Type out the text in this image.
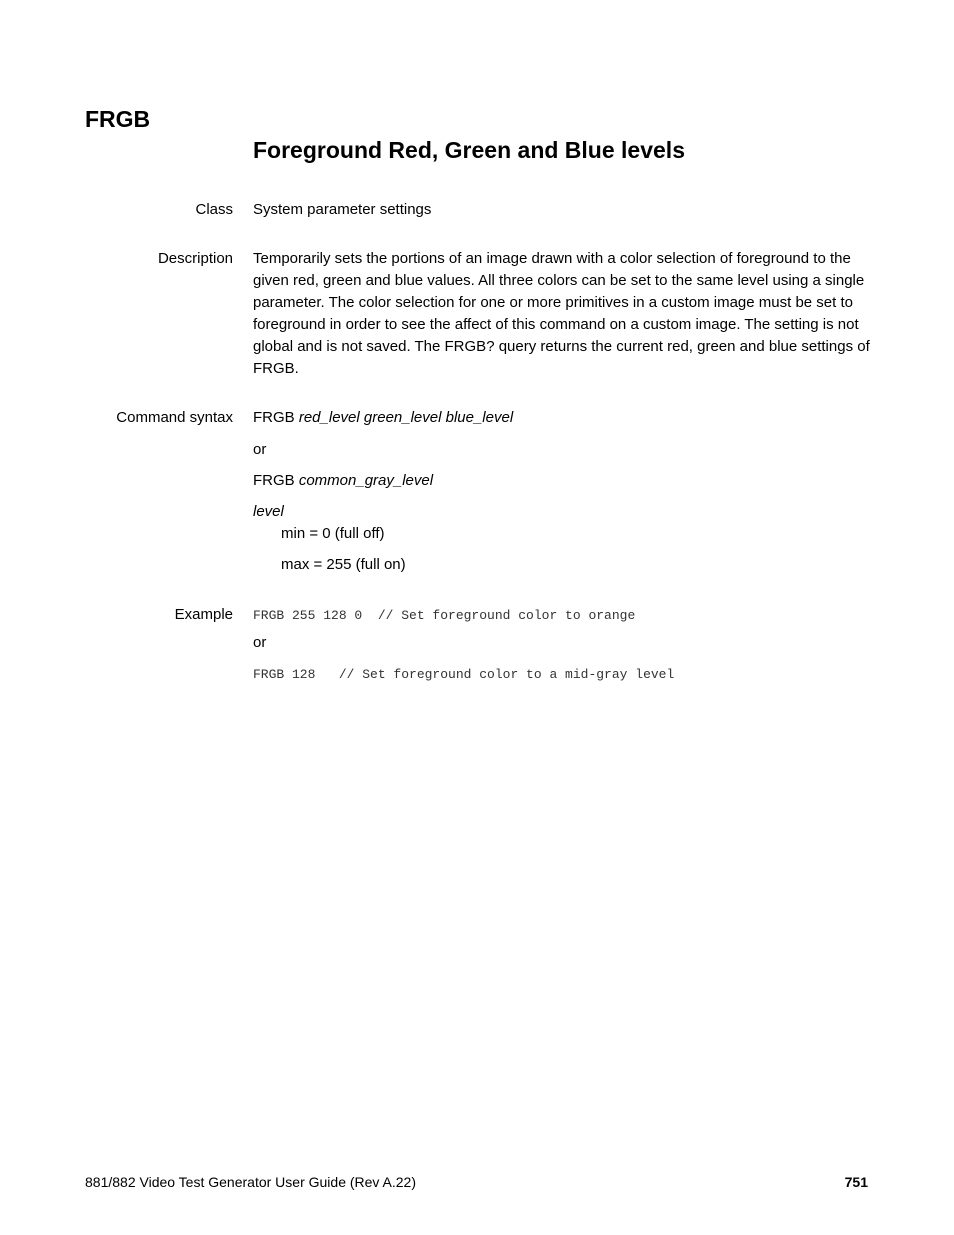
FRGB
Foreground Red, Green and Blue levels
Class System parameter settings
Description Temporarily sets the portions of an image drawn with a color selection of foreground to the given red, green and blue values. All three colors can be set to the same level using a single parameter. The color selection for one or more primitives in a custom image must be set to foreground in order to see the affect of this command on a custom image. The setting is not global and is not saved. The FRGB? query returns the current red, green and blue settings of FRGB.
Command syntax FRGB red_level green_level blue_level
or
FRGB common_gray_level
level
min = 0 (full off)
max = 255 (full on)
Example FRGB 255 128 0  // Set foreground color to orange
or
FRGB 128   // Set foreground color to a mid-gray level
881/882 Video Test Generator User Guide (Rev A.22)	751
